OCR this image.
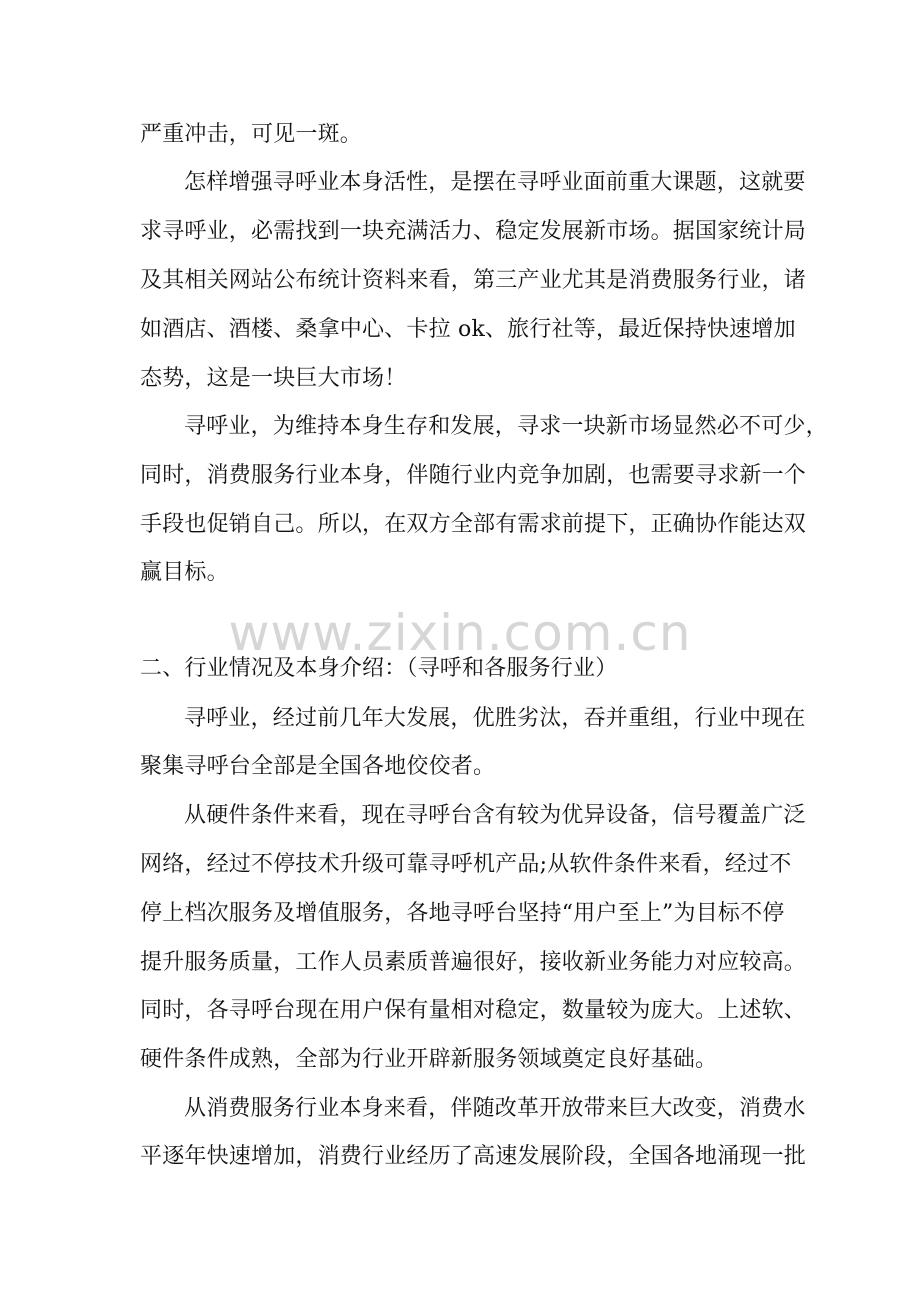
www.zixin.com.cn

严重冲击，可见一斑。

怎样增强寻呼业本身活性，是摆在寻呼业面前重大课题，这就要

求寻呼业，必需找到一块充满活力、稳定发展新市场。据国家统计局

及其相关网站公布统计资料来看，第三产业尤其是消费服务行业，诸

如酒店、酒楼、桑拿中心、卡拉 ok、旅行社等，最近保持快速增加

态势，这是一块巨大市场！

寻呼业，为维持本身生存和发展，寻求一块新市场显然必不可少，

同时，消费服务行业本身，伴随行业内竞争加剧，也需要寻求新一个

手段也促销自己。所以，在双方全部有需求前提下，正确协作能达双

赢目标。

二、行业情况及本身介绍：（寻呼和各服务行业）

寻呼业，经过前几年大发展，优胜劣汰，吞并重组，行业中现在

聚集寻呼台全部是全国各地佼佼者。

从硬件条件来看，现在寻呼台含有较为优异设备，信号覆盖广泛

网络，经过不停技术升级可靠寻呼机产品;从软件条件来看，经过不

停上档次服务及增值服务，各地寻呼台坚持“用户至上”为目标不停

提升服务质量，工作人员素质普遍很好，接收新业务能力对应较高。

同时，各寻呼台现在用户保有量相对稳定，数量较为庞大。上述软、

硬件条件成熟，全部为行业开辟新服务领域奠定良好基础。

从消费服务行业本身来看，伴随改革开放带来巨大改变，消费水

平逐年快速增加，消费行业经历了高速发展阶段，全国各地涌现一批
